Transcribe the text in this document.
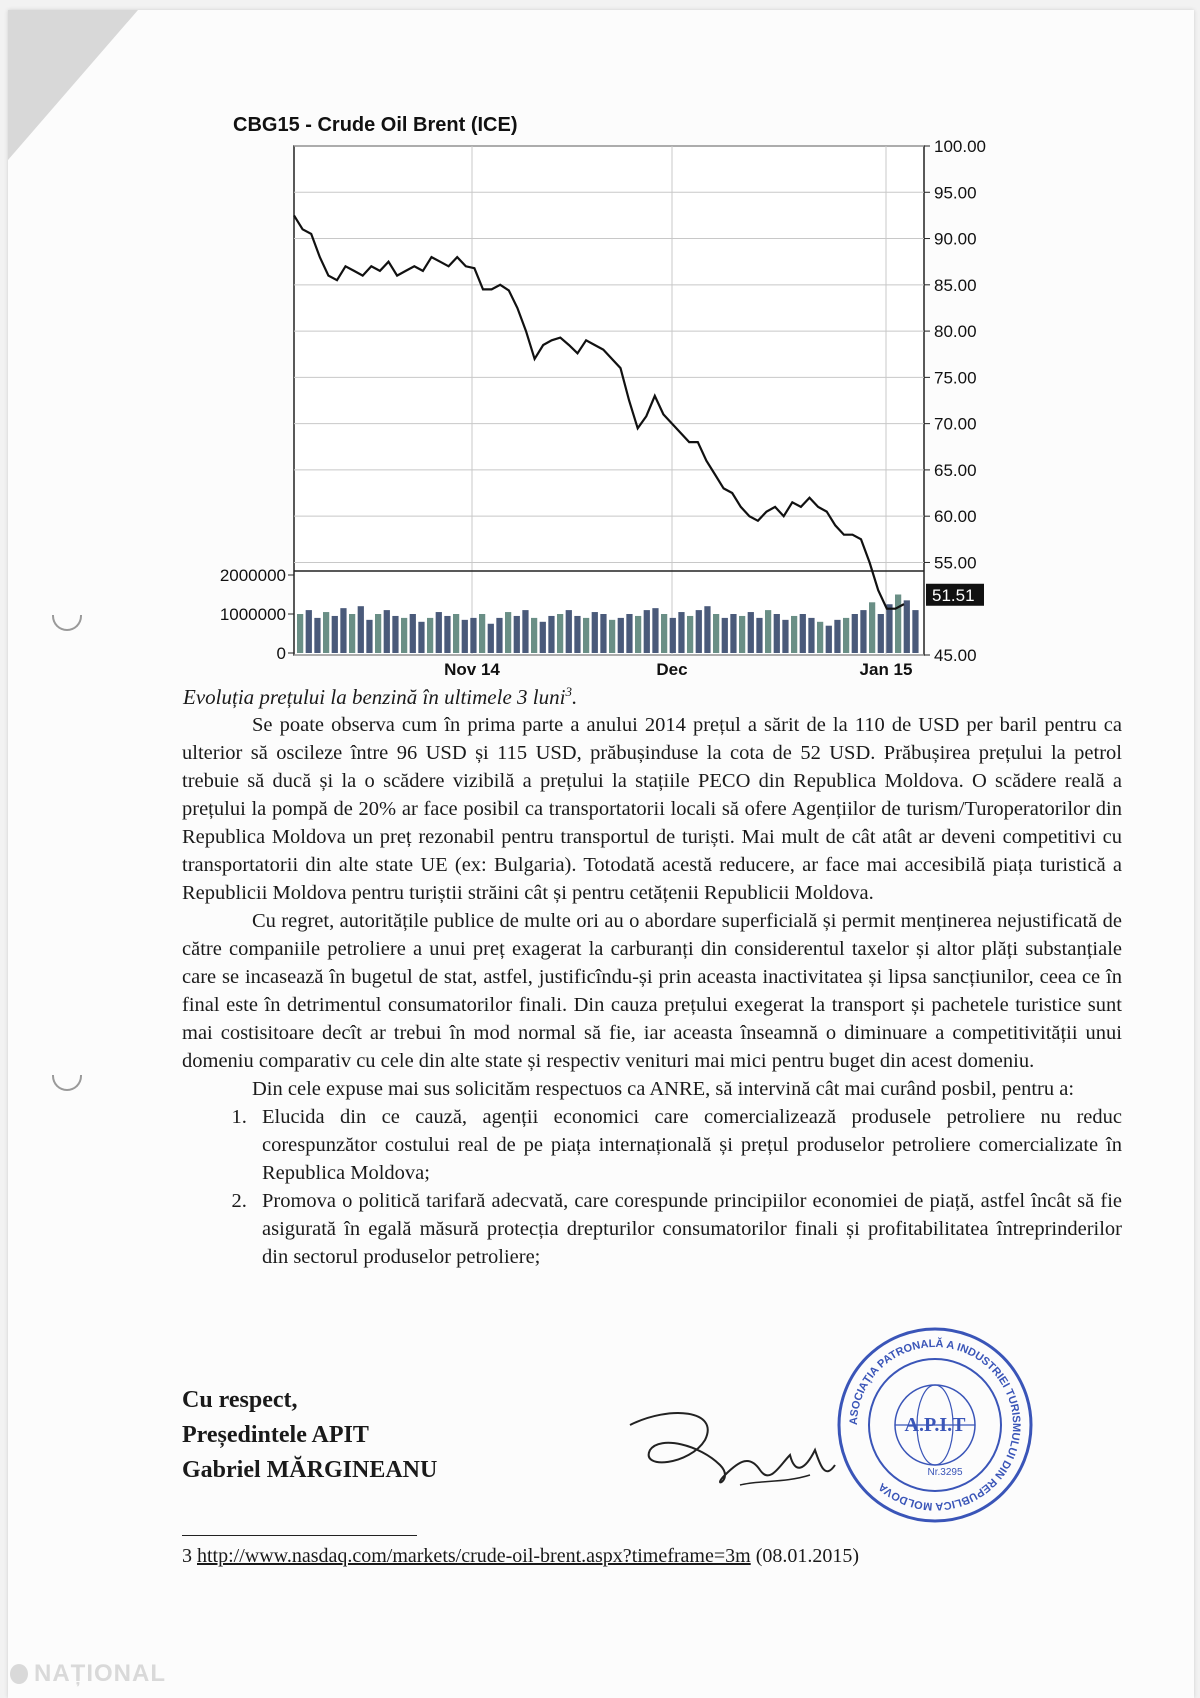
CBG15 - Crude Oil Brent (ICE)
100.00
95.00
90.00
85.00
80.00
75.00
70.00
65.00
60.00
55.00
45.00
Nov 14	Dec	Jan 15
2000000
1000000
0
51.51
Evoluția prețului la benzină în ultimele 3 luni$^3$.

Se poate observa cum în prima parte a anului 2014 prețul a sărit de la 110 de USD per baril pentru ca ulterior să oscileze între 96 USD și 115 USD, prăbușinduse la cota de 52 USD. Prăbușirea prețului la petrol trebuie să ducă și la o scădere vizibilă a prețului la stațiile PECO din Republica Moldova. O scădere reală a prețului la pompă de 20% ar face posibil ca transportatorii locali să ofere Agențiilor de turism/Turoperatorilor din Republica Moldova un preț rezonabil pentru transportul de turiști. Mai mult de cât atât ar deveni competitivi cu transportatorii din alte state UE (ex: Bulgaria). Totodată acestă reducere, ar face mai accesibilă piața turistică a Republicii Moldova pentru turiștii străini cât și pentru cetățenii Republicii Moldova.

Cu regret, autoritățile publice de multe ori au o abordare superficială și permit menținerea nejustificată de către companiile petroliere a unui preț exagerat la carburanți din considerentul taxelor și altor plăți substanțiale care se incasează în bugetul de stat, astfel, justificîndu-și prin aceasta inactivitatea și lipsa sancțiunilor, ceea ce în final este în detrimentul consumatorilor finali. Din cauza prețului exegerat la transport și pachetele turistice sunt mai costisitoare decît ar trebui în mod normal să fie, iar aceasta înseamnă o diminuare a competitivității unui domeniu comparativ cu cele din alte state și respectiv venituri mai mici pentru buget din acest domeniu.

Din cele expuse mai sus solicităm respectuos ca ANRE, să intervină cât mai curând posbil, pentru a:

1. Elucida din ce cauză, agenții economici care comercializează produsele petroliere nu reduc corespunzător costului real de pe piața internațională și prețul produselor petroliere comercializate în Republica Moldova;
2. Promova o politică tarifară adecvată, care corespunde principiilor economiei de piață, astfel încât să fie asigurată în egală măsură protecția drepturilor consumatorilor finali și profitabilitatea întreprinderilor din sectorul produselor petroliere;
Cu respect,
Președintele APIT
Gabriel MĂRGINEANU
ASOCIAȚIA PATRONALĂ A INDUSTRIEI TURISMULUI DIN REPUBLICA MOLDOVA
A.P.I.T
Nr.3295
3 http://www.nasdaq.com/markets/crude-oil-brent.aspx?timeframe=3m (08.01.2015)
NAȚIONAL
